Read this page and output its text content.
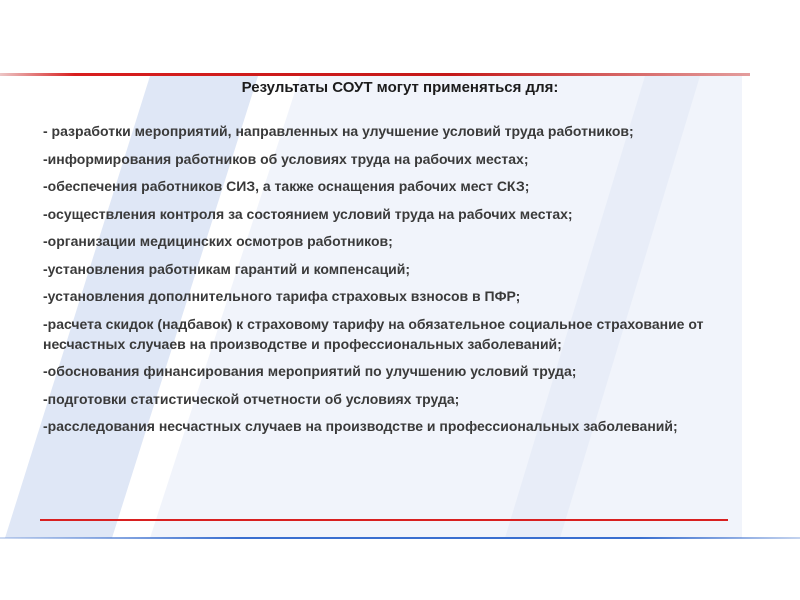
Результаты СОУТ могут применяться для:
- разработки мероприятий, направленных на улучшение условий труда работников;
-информирования работников об условиях труда на рабочих местах;
-обеспечения работников СИЗ, а также оснащения рабочих мест СКЗ;
-осуществления контроля за состоянием условий труда на рабочих местах;
-организации медицинских осмотров работников;
-установления работникам гарантий и компенсаций;
-установления дополнительного тарифа страховых взносов в ПФР;
-расчета скидок (надбавок) к страховому тарифу на обязательное социальное страхование от несчастных случаев на производстве и профессиональных заболеваний;
-обоснования финансирования мероприятий по улучшению условий труда;
-подготовки статистической отчетности об условиях труда;
-расследования несчастных случаев на производстве и профессиональных заболеваний;
